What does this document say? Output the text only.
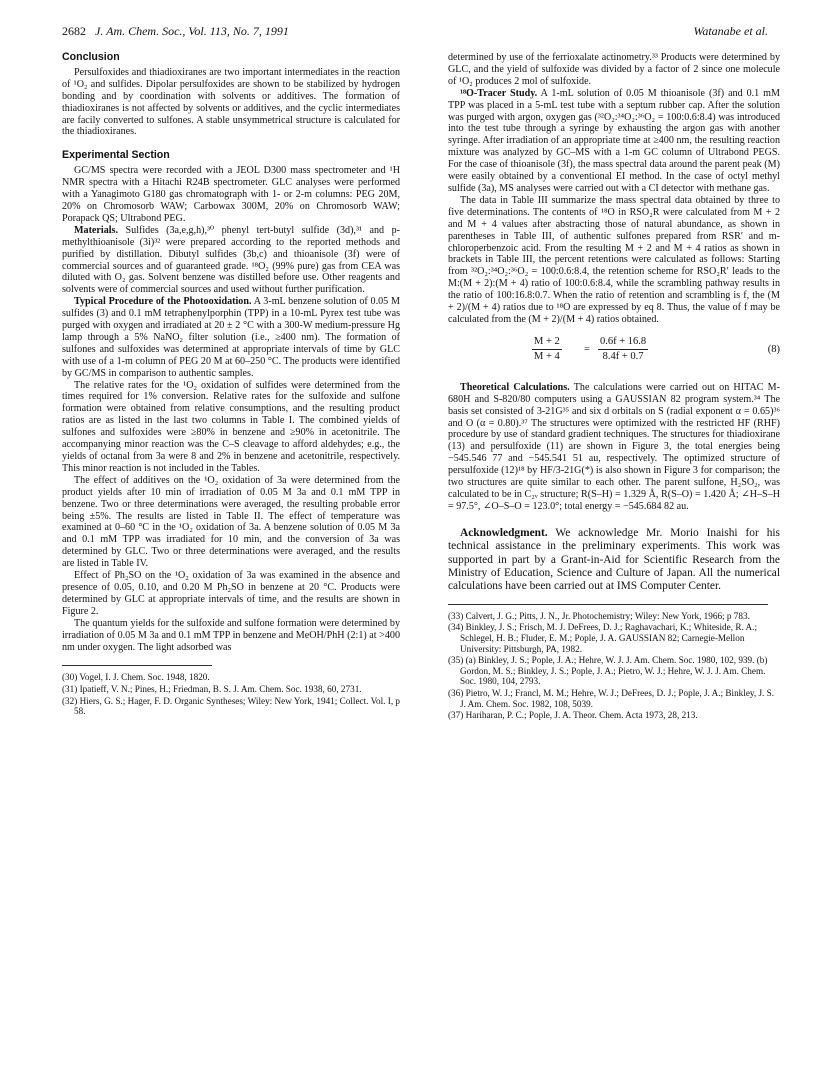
2682 J. Am. Chem. Soc., Vol. 113, No. 7, 1991	Watanabe et al.
Conclusion

Persulfoxides and thiadioxiranes are two important intermediates in the reaction of ¹O₂ and sulfides. Dipolar persulfoxides are shown to be stabilized by hydrogen bonding and by coordination with solvents or additives. The formation of thiadioxiranes is not affected by solvents or additives, and the cyclic intermediates are facily converted to sulfones. A stable unsymmetrical structure is calculated for the thiadioxiranes.

Experimental Section

GC/MS spectra were recorded with a JEOL D300 mass spectrometer and ¹H NMR spectra with a Hitachi R24B spectrometer. GLC analyses were performed with a Yanagimoto G180 gas chromatograph with 1- or 2-m columns: PEG 20M, 20% on Chromosorb WAW; Carbowax 300M, 20% on Chromosorb WAW; Porapack QS; Ultrabond PEG.

Materials. Sulfides (3a,e,g,h),³⁰ phenyl tert-butyl sulfide (3d),³¹ and p-methylthioanisole (3i)³² were prepared according to the reported methods and purified by distillation. Dibutyl sulfides (3b,c) and thioanisole (3f) were of commercial sources and of guaranteed grade. ¹⁸O₂ (99% pure) gas from CEA was diluted with O₂ gas. Solvent benzene was distilled before use. Other reagents and solvents were of commercial sources and used without further purification.

Typical Procedure of the Photooxidation. A 3-mL benzene solution of 0.05 M sulfides (3) and 0.1 mM tetraphenylporphin (TPP) in a 10-mL Pyrex test tube was purged with oxygen and irradiated at 20 ± 2 °C with a 300-W medium-pressure Hg lamp through a 5% NaNO₂ filter solution (i.e., ≥400 nm). The formation of sulfones and sulfoxides was determined at appropriate intervals of time by GLC with use of a 1-m column of PEG 20 M at 60–250 °C. The products were identified by GC/MS in comparison to authentic samples.

The relative rates for the ¹O₂ oxidation of sulfides were determined from the times required for 1% conversion. Relative rates for the sulfoxide and sulfone formation were obtained from relative consumptions, and the resulting product ratios are as listed in the last two columns in Table I. The combined yields of sulfones and sulfoxides were ≥80% in benzene and ≥90% in acetonitrile. The accompanying minor reaction was the C–S cleavage to afford aldehydes; e.g., the yields of octanal from 3a were 8 and 2% in benzene and acetonitrile, respectively. This minor reaction is not included in the Tables.

The effect of additives on the ¹O₂ oxidation of 3a were determined from the product yields after 10 min of irradiation of 0.05 M 3a and 0.1 mM TPP in benzene. Two or three determinations were averaged, the resulting probable error being ±5%. The results are listed in Table II. The effect of temperature was examined at 0–60 °C in the ¹O₂ oxidation of 3a. A benzene solution of 0.05 M 3a and 0.1 mM TPP was irradiated for 10 min, and the conversion of 3a was determined by GLC. Two or three determinations were averaged, and the results are listed in Table IV.

Effect of Ph₂SO on the ¹O₂ oxidation of 3a was examined in the absence and presence of 0.05, 0.10, and 0.20 M Ph₂SO in benzene at 20 °C. Products were determined by GLC at appropriate intervals of time, and the results are shown in Figure 2.

The quantum yields for the sulfoxide and sulfone formation were determined by irradiation of 0.05 M 3a and 0.1 mM TPP in benzene and MeOH/PhH (2:1) at >400 nm under oxygen. The light adsorbed was

(30) Vogel, I. J. Chem. Soc. 1948, 1820.
(31) Ipatieff, V. N.; Pines, H.; Friedman, B. S. J. Am. Chem. Soc. 1938, 60, 2731.
(32) Hiers, G. S.; Hager, F. D. Organic Syntheses; Wiley: New York, 1941; Collect. Vol. I, p 58.

determined by use of the ferrioxalate actinometry.³³ Products were determined by GLC, and the yield of sulfoxide was divided by a factor of 2 since one molecule of ¹O₂ produces 2 mol of sulfoxide.

¹⁸O-Tracer Study. A 1-mL solution of 0.05 M thioanisole (3f) and 0.1 mM TPP was placed in a 5-mL test tube with a septum rubber cap. After the solution was purged with argon, oxygen gas (³²O₂:³⁴O₂:³⁶O₂ = 100:0.6:8.4) was introduced into the test tube through a syringe by exhausting the argon gas with another syringe. After irradiation of an appropriate time at ≥400 nm, the resulting reaction mixture was analyzed by GC–MS with a 1-m GC column of Ultrabond PEGS. For the case of thioanisole (3f), the mass spectral data around the parent peak (M) were easily obtained by a conventional EI method. In the case of octyl methyl sulfide (3a), MS analyses were carried out with a CI detector with methane gas.

The data in Table III summarize the mass spectral data obtained by three to five determinations. The contents of ¹⁸O in RSO₂R were calculated from M + 2 and M + 4 values after abstracting those of natural abundance, as shown in parentheses in Table III, of authentic sulfones prepared from RSR′ and m-chloroperbenzoic acid. From the resulting M + 2 and M + 4 ratios as shown in brackets in Table III, the percent retentions were calculated as follows: Starting from ³²O₂:³⁴O₂:³⁶O₂ = 100:0.6:8.4, the retention scheme for RSO₂R′ leads to the M:(M + 2):(M + 4) ratio of 100:0.6:8.4, while the scrambling pathway results in the ratio of 100:16.8:0.7. When the ratio of retention and scrambling is f, the (M + 2)/(M + 4) ratios due to ¹⁸O are expressed by eq 8. Thus, the value of f may be calculated from the (M + 2)/(M + 4) ratios obtained.

M + 2
M + 4
=
0.6f + 16.8
8.4f + 0.7
(8)

Theoretical Calculations. The calculations were carried out on HITAC M-680H and S-820/80 computers using a GAUSSIAN 82 program system.³⁴ The basis set consisted of 3-21G³⁵ and six d orbitals on S (radial exponent α = 0.65)³⁶ and O (α = 0.80).³⁷ The structures were optimized with the restricted HF (RHF) procedure by use of standard gradient techniques. The structures for thiadioxirane (13) and persulfoxide (11) are shown in Figure 3, the total energies being −545.546 77 and −545.541 51 au, respectively. The optimized structure of persulfoxide (12)¹⁸ by HF/3-21G(*) is also shown in Figure 3 for comparison; the two structures are quite similar to each other. The parent sulfone, H₂SO₂, was calculated to be in C₂ᵥ structure; R(S–H) = 1.329 Å, R(S–O) = 1.420 Å; ∠H–S–H = 97.5°, ∠O–S–O = 123.0°; total energy = −545.684 82 au.

Acknowledgment. We acknowledge Mr. Morio Inaishi for his technical assistance in the preliminary experiments. This work was supported in part by a Grant-in-Aid for Scientific Research from the Ministry of Education, Science and Culture of Japan. All the numerical calculations have been carried out at IMS Computer Center.

(33) Calvert, J. G.; Pitts, J. N., Jr. Photochemistry; Wiley: New York, 1966; p 783.
(34) Binkley, J. S.; Frisch, M. J. DeFrees, D. J.; Raghavachari, K.; Whiteside, R. A.; Schlegel, H. B.; Fluder, E. M.; Pople, J. A. GAUSSIAN 82; Carnegie-Mellon University: Pittsburgh, PA, 1982.
(35) (a) Binkley, J. S.; Pople, J. A.; Hehre, W. J. J. Am. Chem. Soc. 1980, 102, 939. (b) Gordon, M. S.; Binkley, J. S.; Pople, J. A.; Pietro, W. J.; Hehre, W. J. J. Am. Chem. Soc. 1980, 104, 2793.
(36) Pietro, W. J.; Francl, M. M.; Hehre, W. J.; DeFrees, D. J.; Pople, J. A.; Binkley, J. S. J. Am. Chem. Soc. 1982, 108, 5039.
(37) Hariharan, P. C.; Pople, J. A. Theor. Chem. Acta 1973, 28, 213.
